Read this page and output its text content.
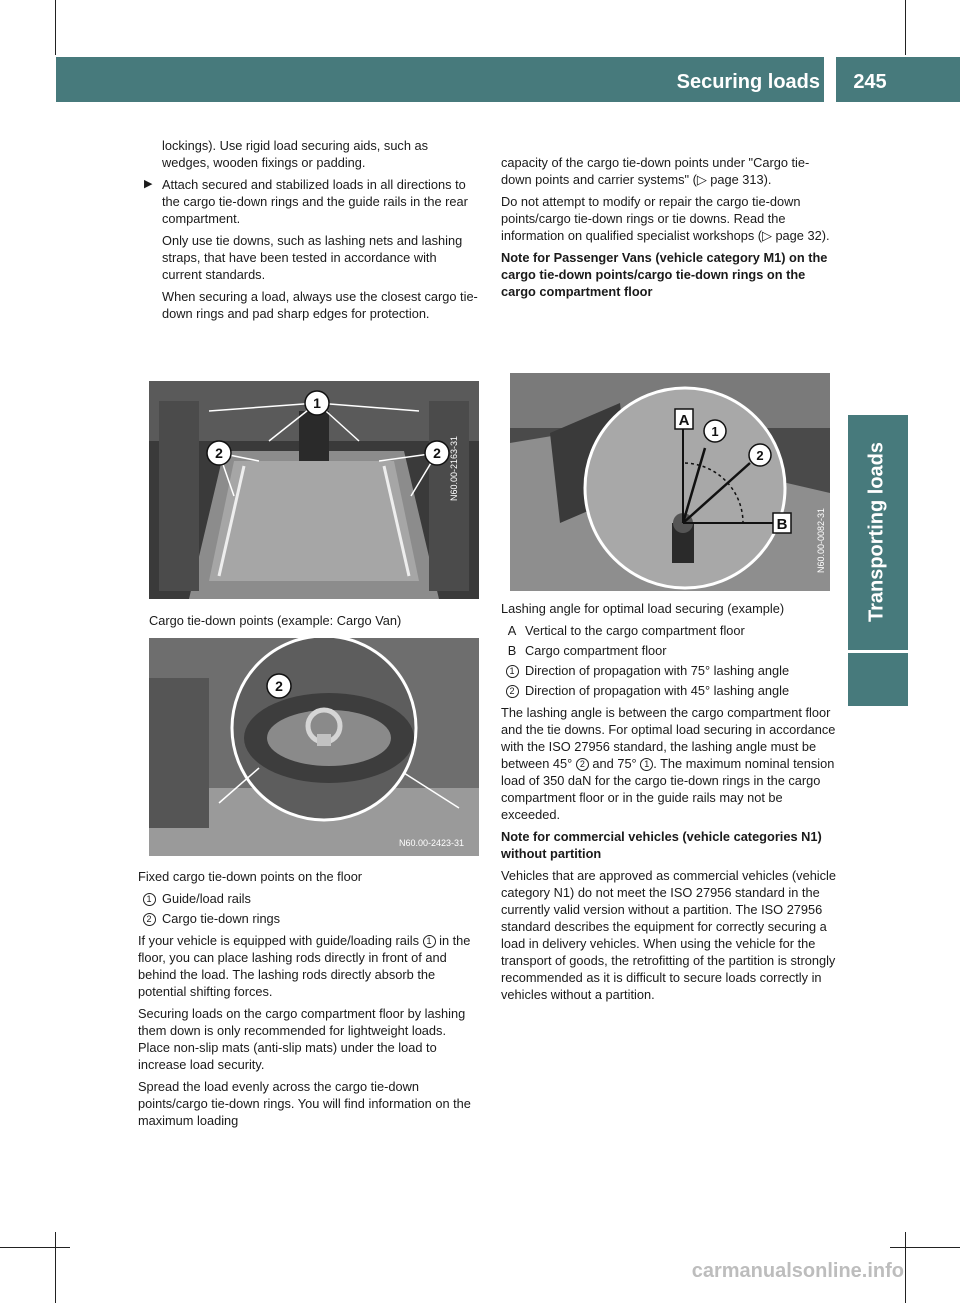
Securing loads	245
Transporting loads

lockings). Use rigid load securing aids, such as wedges, wooden fixings or padding.

▶ Attach secured and stabilized loads in all directions to the cargo tie-down rings and the guide rails in the rear compartment.

Only use tie downs, such as lashing nets and lashing straps, that have been tested in accordance with current standards.

When securing a load, always use the closest cargo tie-down rings and pad sharp edges for protection.

1
2	2 N60.00-2163-31
Cargo tie-down points (example: Cargo Van)
2
N60.00-2423-31

Fixed cargo tie-down points on the floor

1 Guide/load rails
2 Cargo tie-down rings

If your vehicle is equipped with guide/loading rails 1 in the floor, you can place lashing rods directly in front of and behind the load. The lashing rods directly absorb the potential shifting forces.

Securing loads on the cargo compartment floor by lashing them down is only recommended for lightweight loads. Place non-slip mats (anti-slip mats) under the load to increase load security.

Spread the load evenly across the cargo tie-down points/cargo tie-down rings. You will find information on the maximum loading

capacity of the cargo tie-down points under "Cargo tie-down points and carrier systems" (▷ page 313).

Do not attempt to modify or repair the cargo tie-down points/cargo tie-down rings or tie downs. Read the information on qualified specialist workshops (▷ page 32).

Note for Passenger Vans (vehicle category M1) on the cargo tie-down points/cargo tie-down rings on the cargo compartment floor

A
B
1
2
N60.00-0082-31

Lashing angle for optimal load securing (example)

A Vertical to the cargo compartment floor
B Cargo compartment floor
1 Direction of propagation with 75° lashing angle
2 Direction of propagation with 45° lashing angle

The lashing angle is between the cargo compartment floor and the tie downs. For optimal load securing in accordance with the ISO 27956 standard, the lashing angle must be between 45° 2 and 75° 1 . The maximum nominal tension load of 350 daN for the cargo tie-down rings in the cargo compartment floor or in the guide rails may not be exceeded.

Note for commercial vehicles (vehicle categories N1) without partition

Vehicles that are approved as commercial vehicles (vehicle category N1) do not meet the ISO 27956 standard in the currently valid version without a partition. The ISO 27956 standard describes the equipment for correctly securing a load in delivery vehicles. When using the vehicle for the transport of goods, the retrofitting of the partition is strongly recommended as it is difficult to secure loads correctly in vehicles without a partition.

carmanualsonline.info
